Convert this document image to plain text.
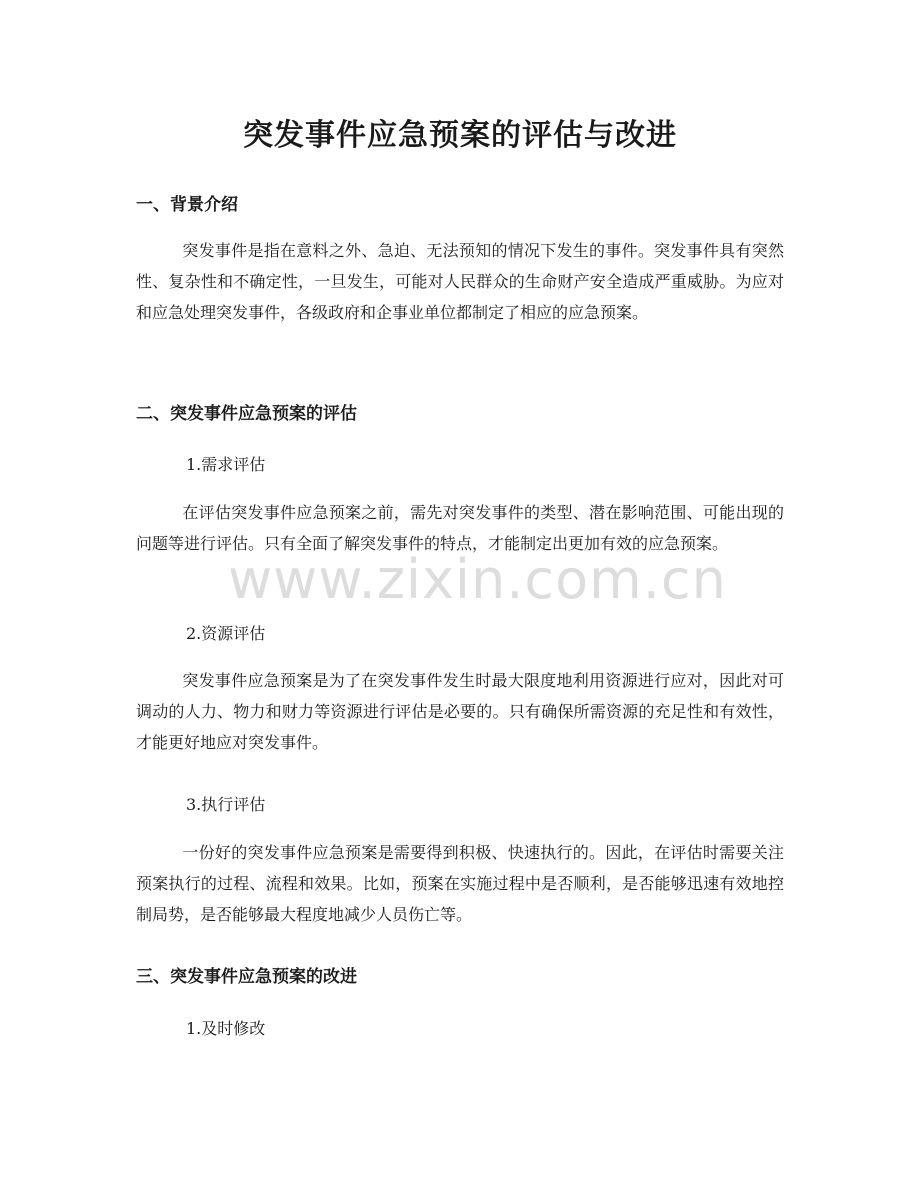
突发事件应急预案的评估与改进
一、背景介绍

突发事件是指在意料之外、急迫、无法预知的情况下发生的事件。突发事件具有突然性、复杂性和不确定性，一旦发生，可能对人民群众的生命财产安全造成严重威胁。为应对和应急处理突发事件，各级政府和企事业单位都制定了相应的应急预案。

二、突发事件应急预案的评估

1.需求评估

在评估突发事件应急预案之前，需先对突发事件的类型、潜在影响范围、可能出现的问题等进行评估。只有全面了解突发事件的特点，才能制定出更加有效的应急预案。

2.资源评估

突发事件应急预案是为了在突发事件发生时最大限度地利用资源进行应对，因此对可调动的人力、物力和财力等资源进行评估是必要的。只有确保所需资源的充足性和有效性，才能更好地应对突发事件。

3.执行评估

一份好的突发事件应急预案是需要得到积极、快速执行的。因此，在评估时需要关注预案执行的过程、流程和效果。比如，预案在实施过程中是否顺利，是否能够迅速有效地控制局势，是否能够最大程度地减少人员伤亡等。

三、突发事件应急预案的改进

1.及时修改

www.zixin.com.cn
